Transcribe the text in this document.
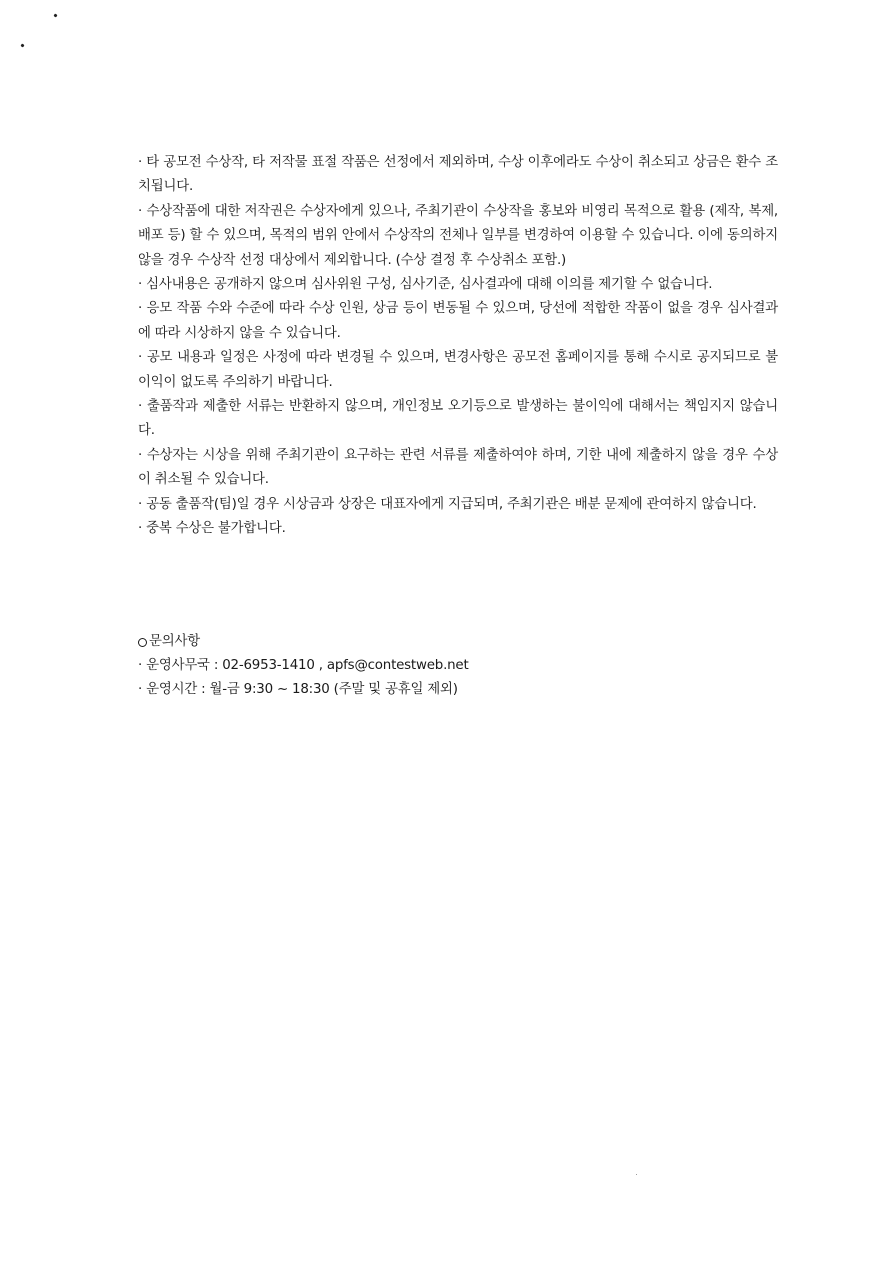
· 타 공모전 수상작, 타 저작물 표절 작품은 선정에서 제외하며, 수상 이후에라도 수상이 취소되고 상금은 환수 조치됩니다.

· 수상작품에 대한 저작권은 수상자에게 있으나, 주최기관이 수상작을 홍보와 비영리 목적으로 활용 (제작, 복제, 배포 등) 할 수 있으며, 목적의 범위 안에서 수상작의 전체나 일부를 변경하여 이용할 수 있습니다. 이에 동의하지 않을 경우 수상작 선정 대상에서 제외합니다. (수상 결정 후 수상취소 포함.)

· 심사내용은 공개하지 않으며 심사위원 구성, 심사기준, 심사결과에 대해 이의를 제기할 수 없습니다.

· 응모 작품 수와 수준에 따라 수상 인원, 상금 등이 변동될 수 있으며, 당선에 적합한 작품이 없을 경우 심사결과에 따라 시상하지 않을 수 있습니다.

· 공모 내용과 일정은 사정에 따라 변경될 수 있으며, 변경사항은 공모전 홈페이지를 통해 수시로 공지되므로 불이익이 없도록 주의하기 바랍니다.

· 출품작과 제출한 서류는 반환하지 않으며, 개인정보 오기등으로 발생하는 불이익에 대해서는 책임지지 않습니다.

· 수상자는 시상을 위해 주최기관이 요구하는 관련 서류를 제출하여야 하며, 기한 내에 제출하지 않을 경우 수상이 취소될 수 있습니다.

· 공동 출품작(팀)일 경우 시상금과 상장은 대표자에게 지급되며, 주최기관은 배분 문제에 관여하지 않습니다.

· 중복 수상은 불가합니다.

문의사항

· 운영사무국 : 02-6953-1410 , apfs@contestweb.net

· 운영시간 : 월-금 9:30 ~ 18:30 (주말 및 공휴일 제외)
